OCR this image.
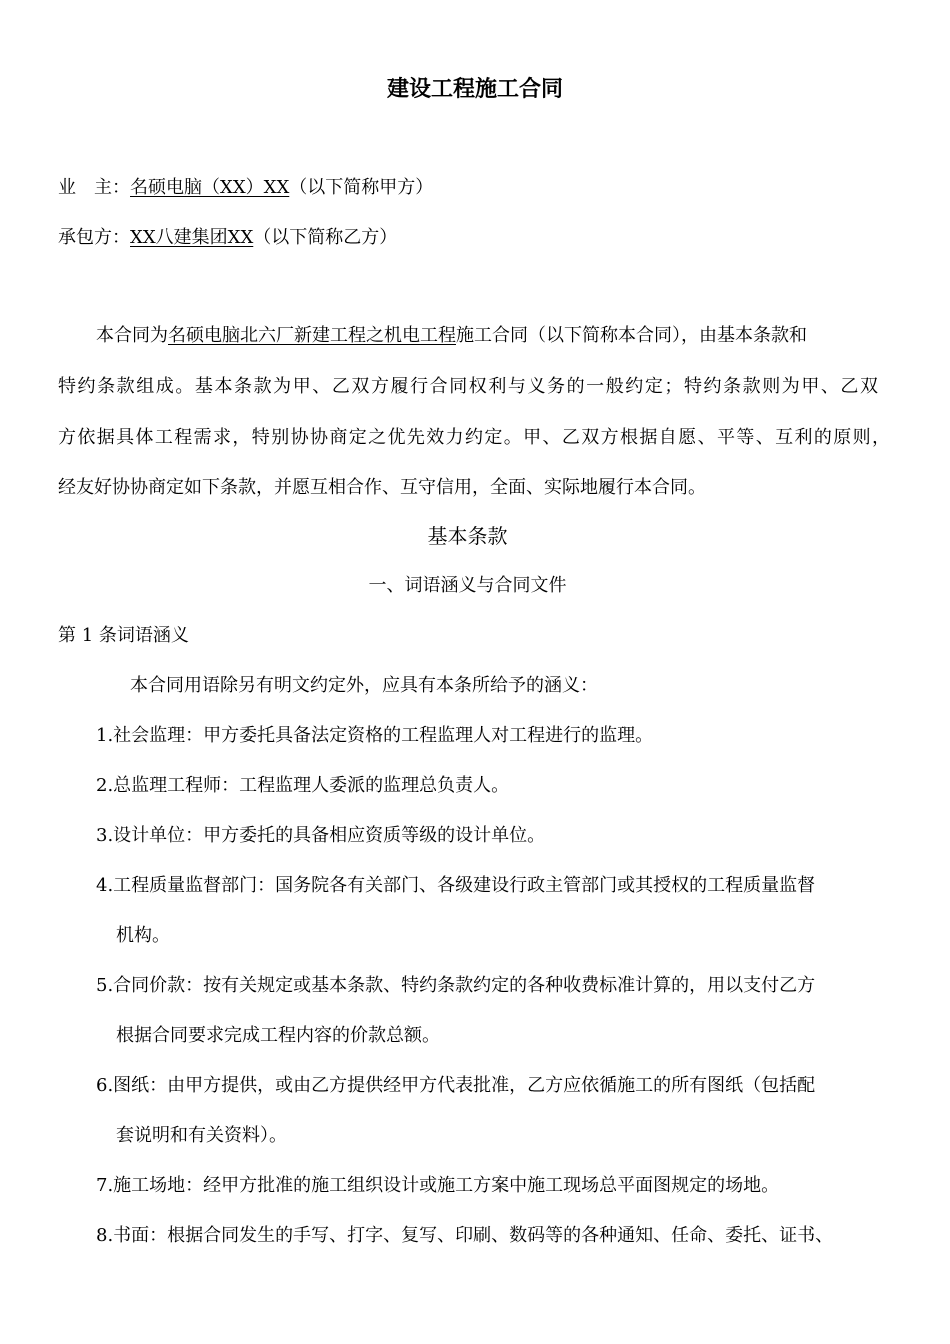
建设工程施工合同
业　主：名硕电脑（XX）XX（以下简称甲方）
承包方：XX八建集团XX（以下简称乙方）
本合同为名硕电脑北六厂新建工程之机电工程施工合同（以下简称本合同），由基本条款和
特约条款组成。基本条款为甲、乙双方履行合同权利与义务的一般约定；特约条款则为甲、乙双
方依据具体工程需求，特别协协商定之优先效力约定。甲、乙双方根据自愿、平等、互利的原则，
经友好协协商定如下条款，并愿互相合作、互守信用，全面、实际地履行本合同。
基本条款
一、词语涵义与合同文件
第 1 条词语涵义
本合同用语除另有明文约定外，应具有本条所给予的涵义：
1.社会监理：甲方委托具备法定资格的工程监理人对工程进行的监理。
2.总监理工程师：工程监理人委派的监理总负责人。
3.设计单位：甲方委托的具备相应资质等级的设计单位。
4.工程质量监督部门：国务院各有关部门、各级建设行政主管部门或其授权的工程质量监督
机构。
5.合同价款：按有关规定或基本条款、特约条款约定的各种收费标准计算的，用以支付乙方
根据合同要求完成工程内容的价款总额。
6.图纸：由甲方提供，或由乙方提供经甲方代表批准，乙方应依循施工的所有图纸（包括配
套说明和有关资料）。
7.施工场地：经甲方批准的施工组织设计或施工方案中施工现场总平面图规定的场地。
8.书面：根据合同发生的手写、打字、复写、印刷、数码等的各种通知、任命、委托、证书、
